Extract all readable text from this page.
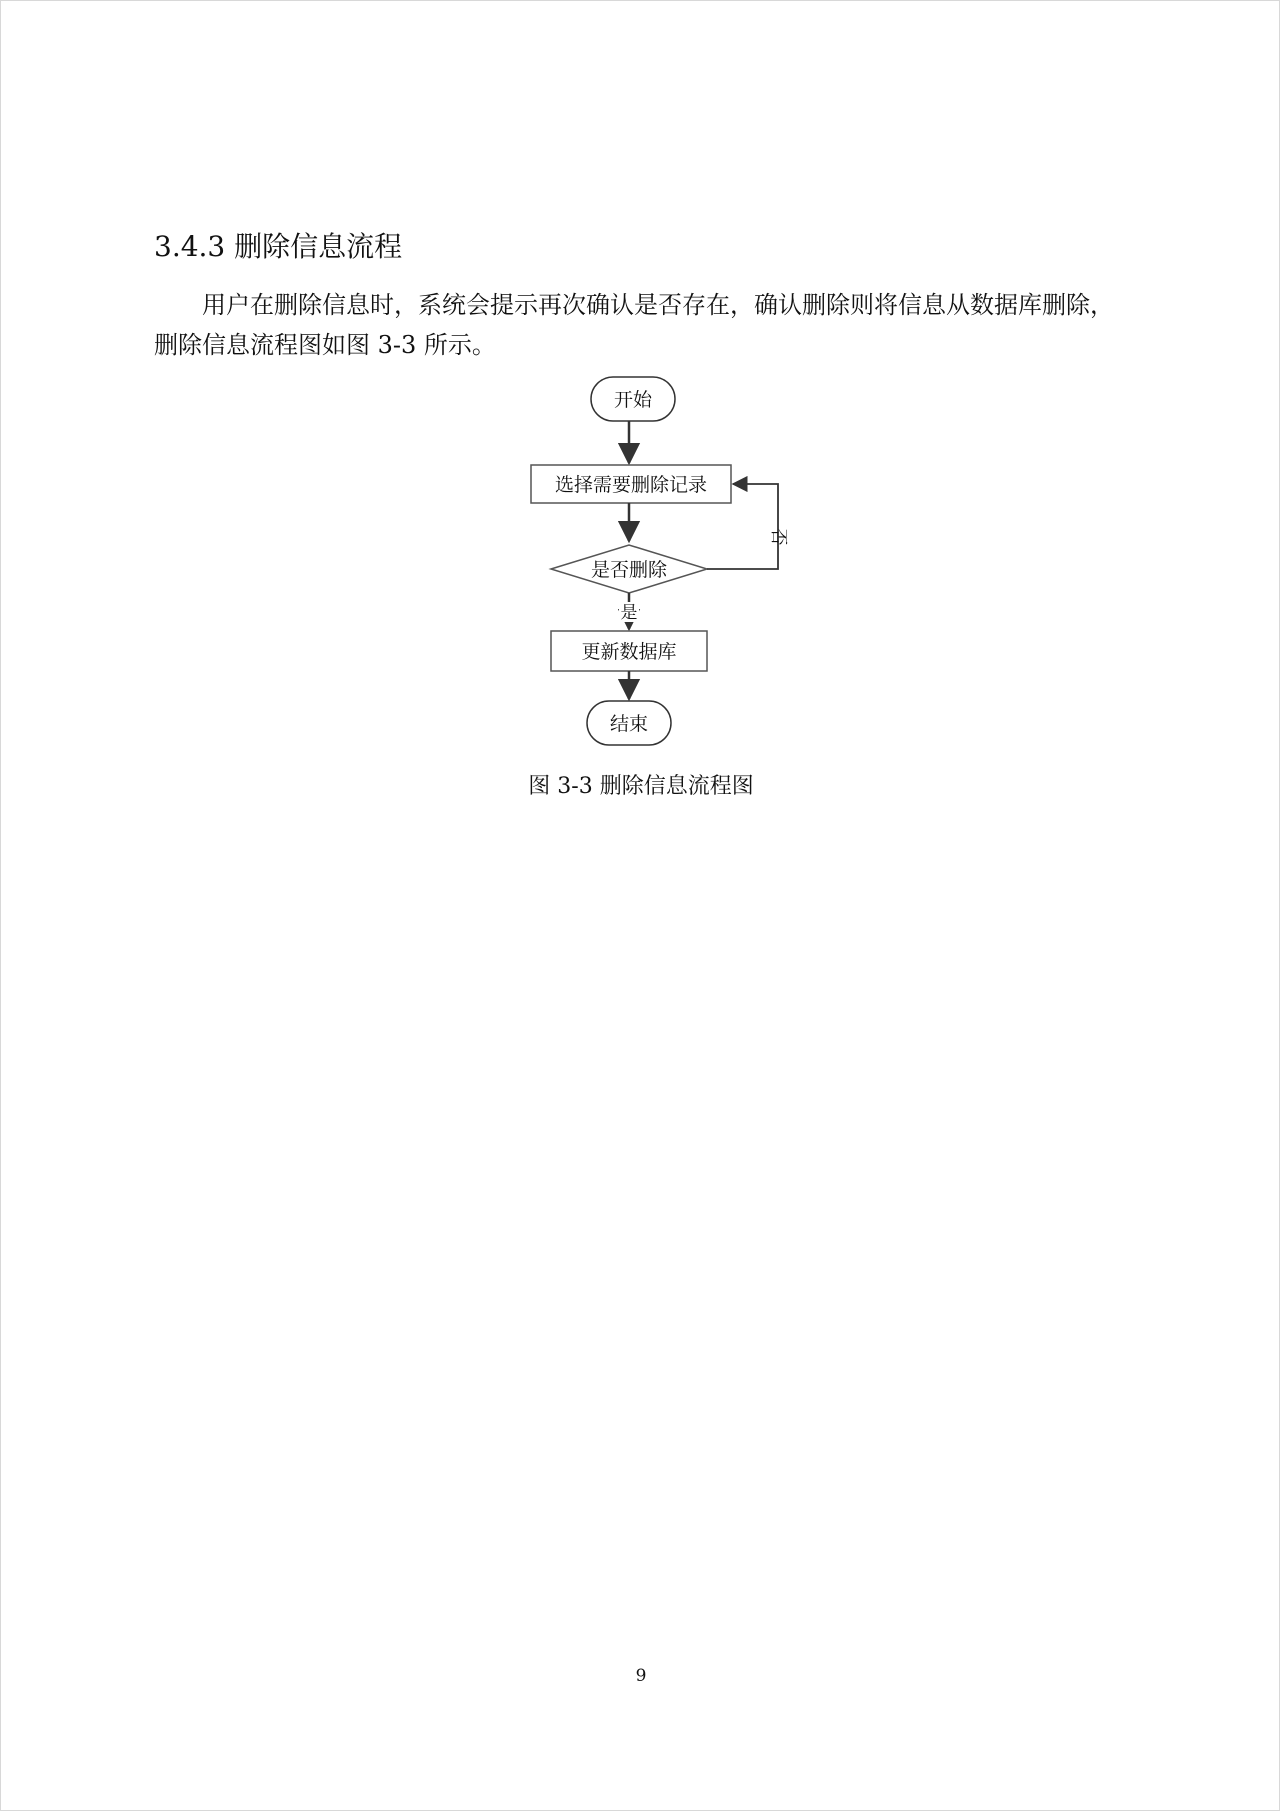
3.4.3 删除信息流程

用户在删除信息时，系统会提示再次确认是否存在，确认删除则将信息从数据库删除，删除信息流程图如图 3-3 所示。

开始
选择需要删除记录
是否删除
否
是
更新数据库
结束
图 3-3 删除信息流程图
9
